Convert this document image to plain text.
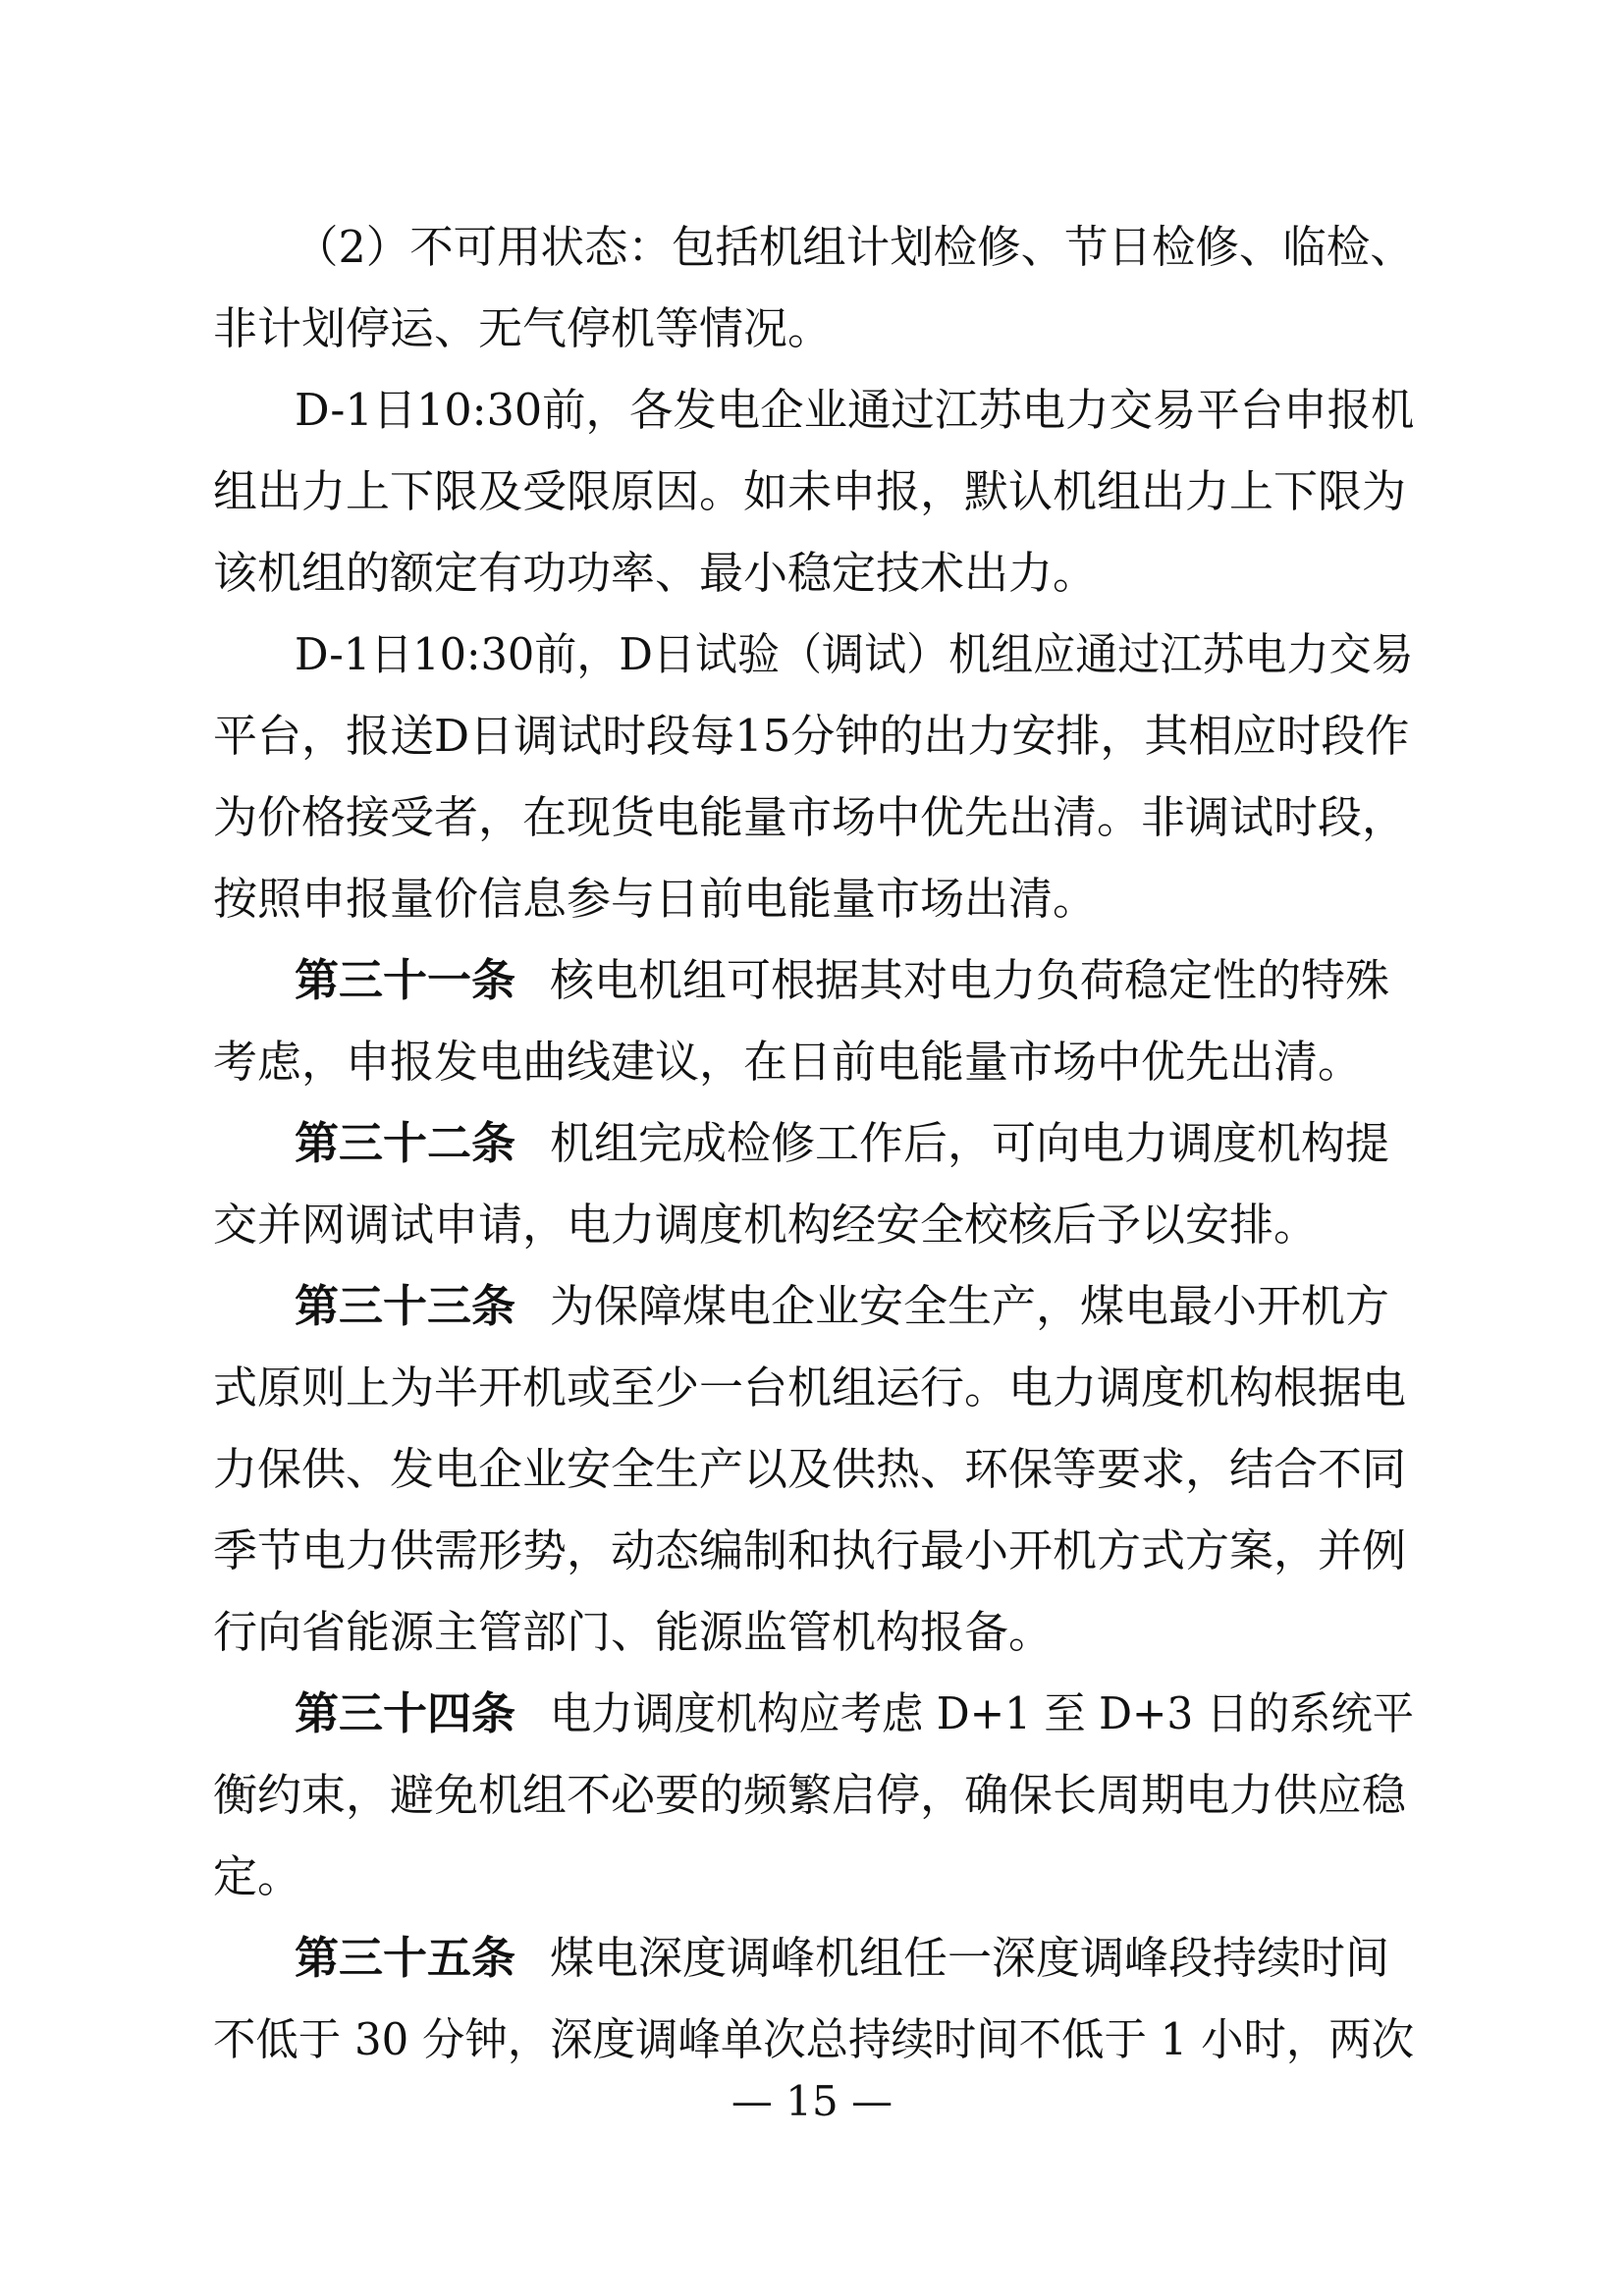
（2）不可用状态：包括机组计划检修、节日检修、临检、
非计划停运、无气停机等情况。
D-1日10:30前，各发电企业通过江苏电力交易平台申报机
组出力上下限及受限原因。如未申报，默认机组出力上下限为
该机组的额定有功功率、最小稳定技术出力。
D-1日10:30前，D日试验（调试）机组应通过江苏电力交易
平台，报送D日调试时段每15分钟的出力安排，其相应时段作
为价格接受者，在现货电能量市场中优先出清。非调试时段，
按照申报量价信息参与日前电能量市场出清。
第三十一条 核电机组可根据其对电力负荷稳定性的特殊
考虑，申报发电曲线建议，在日前电能量市场中优先出清。
第三十二条 机组完成检修工作后，可向电力调度机构提
交并网调试申请，电力调度机构经安全校核后予以安排。
第三十三条 为保障煤电企业安全生产，煤电最小开机方
式原则上为半开机或至少一台机组运行。电力调度机构根据电
力保供、发电企业安全生产以及供热、环保等要求，结合不同
季节电力供需形势，动态编制和执行最小开机方式方案，并例
行向省能源主管部门、能源监管机构报备。
第三十四条 电力调度机构应考虑 D+1 至 D+3 日的系统平
衡约束，避免机组不必要的频繁启停，确保长周期电力供应稳
定。
第三十五条 煤电深度调峰机组任一深度调峰段持续时间
不低于 30 分钟，深度调峰单次总持续时间不低于 1 小时，两次
— 15 —
